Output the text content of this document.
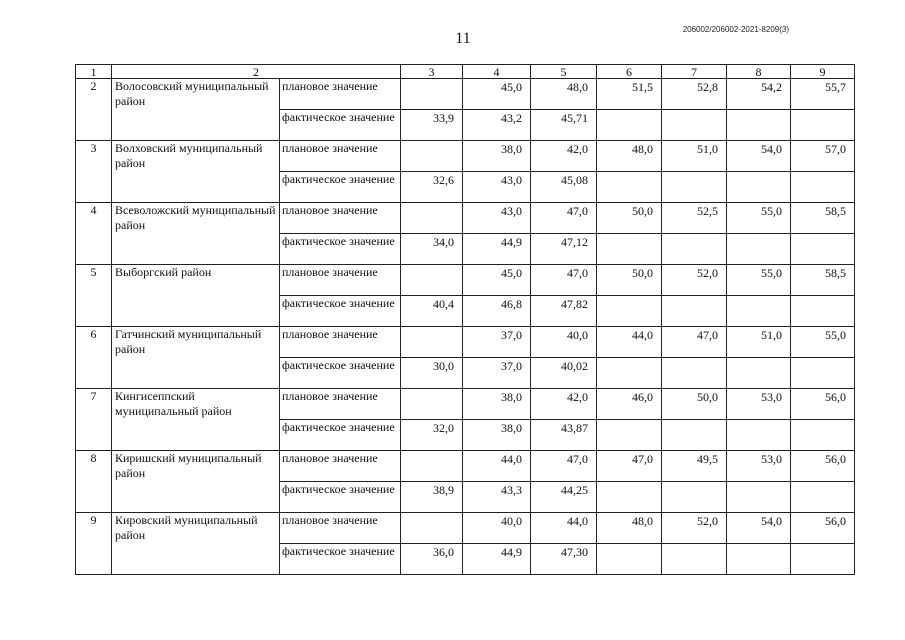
11
206002/206002-2021-8209(3)
1	2		3	4	5	6	7	8	9
2	Волосовский муниципальный район	плановое значение		45,0	48,0	51,5	52,8	54,2	55,7
		фактическое значение	33,9	43,2	45,71				
3	Волховский муниципальный район	плановое значение		38,0	42,0	48,0	51,0	54,0	57,0
		фактическое значение	32,6	43,0	45,08				
4	Всеволожский муниципальный район	плановое значение		43,0	47,0	50,0	52,5	55,0	58,5
		фактическое значение	34,0	44,9	47,12				
5	Выборгский район	плановое значение		45,0	47,0	50,0	52,0	55,0	58,5
		фактическое значение	40,4	46,8	47,82				
6	Гатчинский муниципальный район	плановое значение		37,0	40,0	44,0	47,0	51,0	55,0
		фактическое значение	30,0	37,0	40,02				
7	Кингисеппский муниципальный район	плановое значение		38,0	42,0	46,0	50,0	53,0	56,0
		фактическое значение	32,0	38,0	43,87				
8	Киришский муниципальный район	плановое значение		44,0	47,0	47,0	49,5	53,0	56,0
		фактическое значение	38,9	43,3	44,25				
9	Кировский муниципальный район	плановое значение		40,0	44,0	48,0	52,0	54,0	56,0
		фактическое значение	36,0	44,9	47,30				
